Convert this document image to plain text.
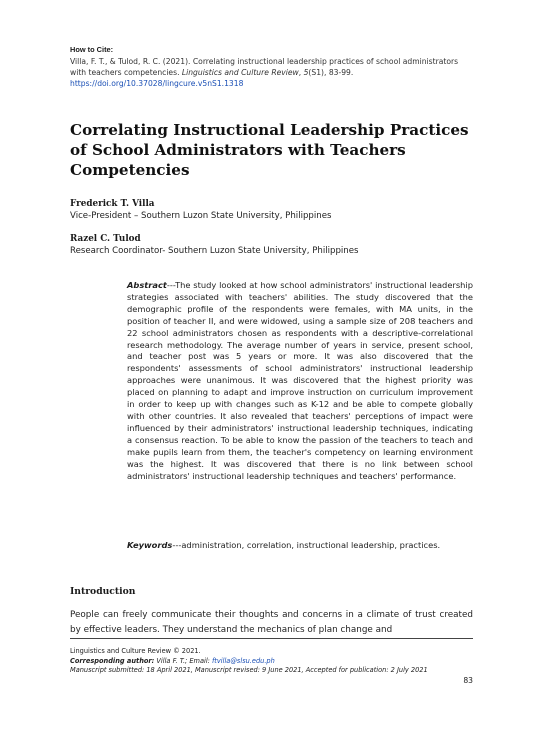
How to Cite:
Villa, F. T., & Tulod, R. C. (2021). Correlating instructional leadership practices of school administrators with teachers competencies. Linguistics and Culture Review, 5(S1), 83-99.
https://doi.org/10.37028/lingcure.v5nS1.1318
Correlating Instructional Leadership Practices of School Administrators with Teachers Competencies
Frederick T. Villa
Vice-President – Southern Luzon State University, Philippines
Razel C. Tulod
Research Coordinator- Southern Luzon State University, Philippines
Abstract---The study looked at how school administrators' instructional leadership strategies associated with teachers' abilities. The study discovered that the demographic profile of the respondents were females, with MA units, in the position of teacher II, and were widowed, using a sample size of 208 teachers and 22 school administrators chosen as respondents with a descriptive-correlational research methodology. The average number of years in service, present school, and teacher post was 5 years or more. It was also discovered that the respondents' assessments of school administrators' instructional leadership approaches were unanimous. It was discovered that the highest priority was placed on planning to adapt and improve instruction on curriculum improvement in order to keep up with changes such as K-12 and be able to compete globally with other countries. It also revealed that teachers' perceptions of impact were influenced by their administrators' instructional leadership techniques, indicating a consensus reaction. To be able to know the passion of the teachers to teach and make pupils learn from them, the teacher's competency on learning environment was the highest. It was discovered that there is no link between school administrators' instructional leadership techniques and teachers' performance.
Keywords---administration, correlation, instructional leadership, practices.
Introduction
People can freely communicate their thoughts and concerns in a climate of trust created by effective leaders. They understand the mechanics of plan change and
Linguistics and Culture Review © 2021.
Corresponding author: Villa F. T.; Email: ftvilla@slsu.edu.ph
Manuscript submitted: 18 April 2021, Manuscript revised: 9 June 2021, Accepted for publication: 2 July 2021
83
